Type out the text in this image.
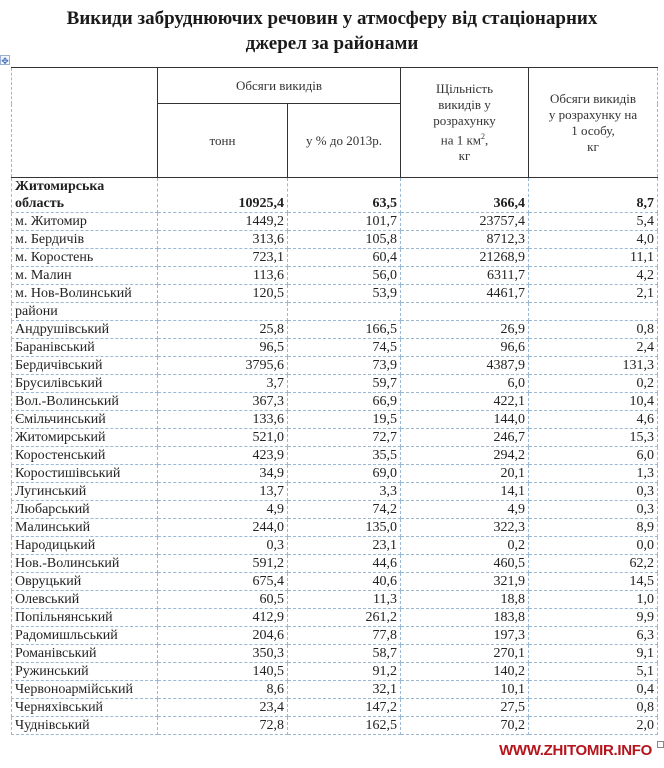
Викиди забруднюючих речовин у атмосферу від стаціонарних
джерел за районами
✥
	Обсяги викидів		Щільність
викидів у
розрахунку
на 1 $км^2$,
кг	Обсяги викидів
у розрахунку на
1 особу,
кг
	тонн	у % до 2013р.		
Житомирська
область	10925,4	63,5	366,4	8,7
м. Житомир	1449,2	101,7	23757,4	5,4
м. Бердичів	313,6	105,8	8712,3	4,0
м. Коростень	723,1	60,4	21268,9	11,1
м. Малин	113,6	56,0	6311,7	4,2
м. Нов-Волинський	120,5	53,9	4461,7	2,1
райони				
Андрушівський	25,8	166,5	26,9	0,8
Баранівський	96,5	74,5	96,6	2,4
Бердичівський	3795,6	73,9	4387,9	131,3
Брусилівський	3,7	59,7	6,0	0,2
Вол.-Волинський	367,3	66,9	422,1	10,4
Ємільчинський	133,6	19,5	144,0	4,6
Житомирський	521,0	72,7	246,7	15,3
Коростенський	423,9	35,5	294,2	6,0
Коростишівський	34,9	69,0	20,1	1,3
Лугинський	13,7	3,3	14,1	0,3
Любарський	4,9	74,2	4,9	0,3
Малинський	244,0	135,0	322,3	8,9
Народицький	0,3	23,1	0,2	0,0
Нов.-Волинський	591,2	44,6	460,5	62,2
Овруцький	675,4	40,6	321,9	14,5
Олевський	60,5	11,3	18,8	1,0
Попільнянський	412,9	261,2	183,8	9,9
Радомишльський	204,6	77,8	197,3	6,3
Романівський	350,3	58,7	270,1	9,1
Ружинський	140,5	91,2	140,2	5,1
Червоноармійський	8,6	32,1	10,1	0,4
Черняхівський	23,4	147,2	27,5	0,8
Чуднівський	72,8	162,5	70,2	2,0
WWW.ZHITOMIR.INFO
